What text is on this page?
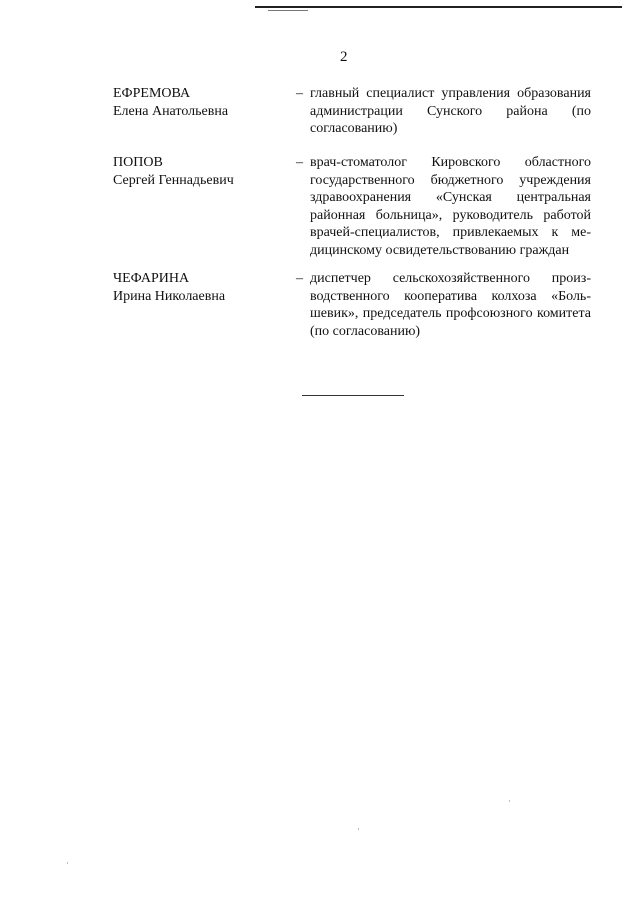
2
ЕФРЕМОВА
Елена Анатольевна
– главный специалист управления образования администрации Сунского района (по согласованию)
ПОПОВ
Сергей Геннадьевич
– врач-стоматолог Кировского областного государственного бюджетного учреждения здравоохранения «Сунская центральная районная больница», руководитель работой врачей-специалистов, привлекаемых к медицинскому освидетельствованию граждан
ЧЕФАРИНА
Ирина Николаевна
– диспетчер сельскохозяйственного производственного кооператива колхоза «Большевик», председатель профсоюзного комитета (по согласованию)
